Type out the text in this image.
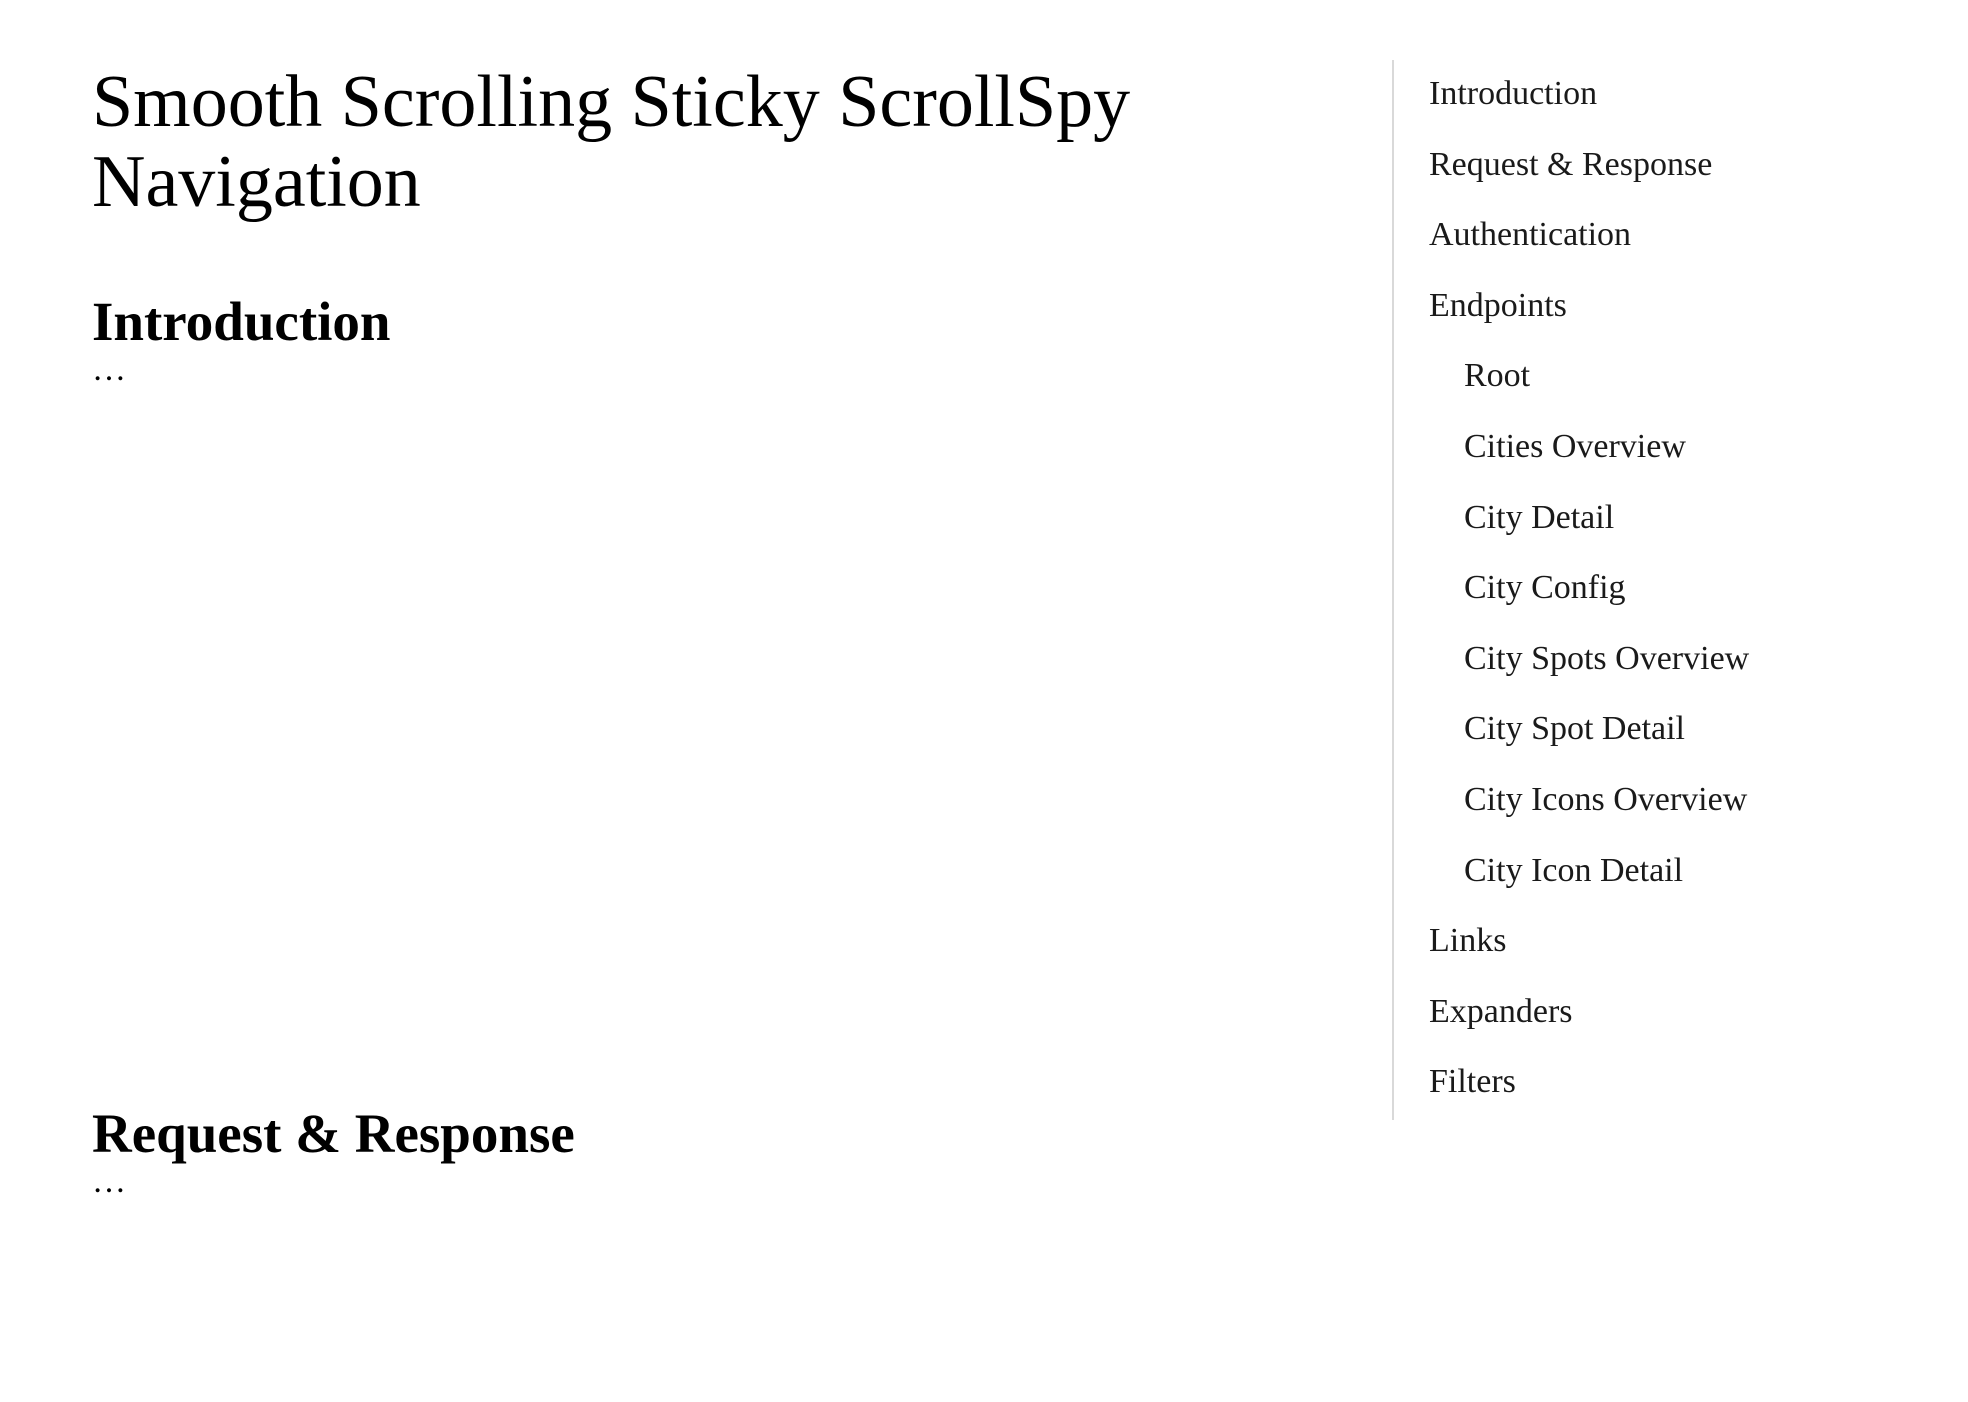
Smooth Scrolling Sticky ScrollSpy Navigation
Introduction
…
Request & Response
…
Introduction
Request & Response
Authentication
Endpoints
Root
Cities Overview
City Detail
City Config
City Spots Overview
City Spot Detail
City Icons Overview
City Icon Detail
Links
Expanders
Filters
